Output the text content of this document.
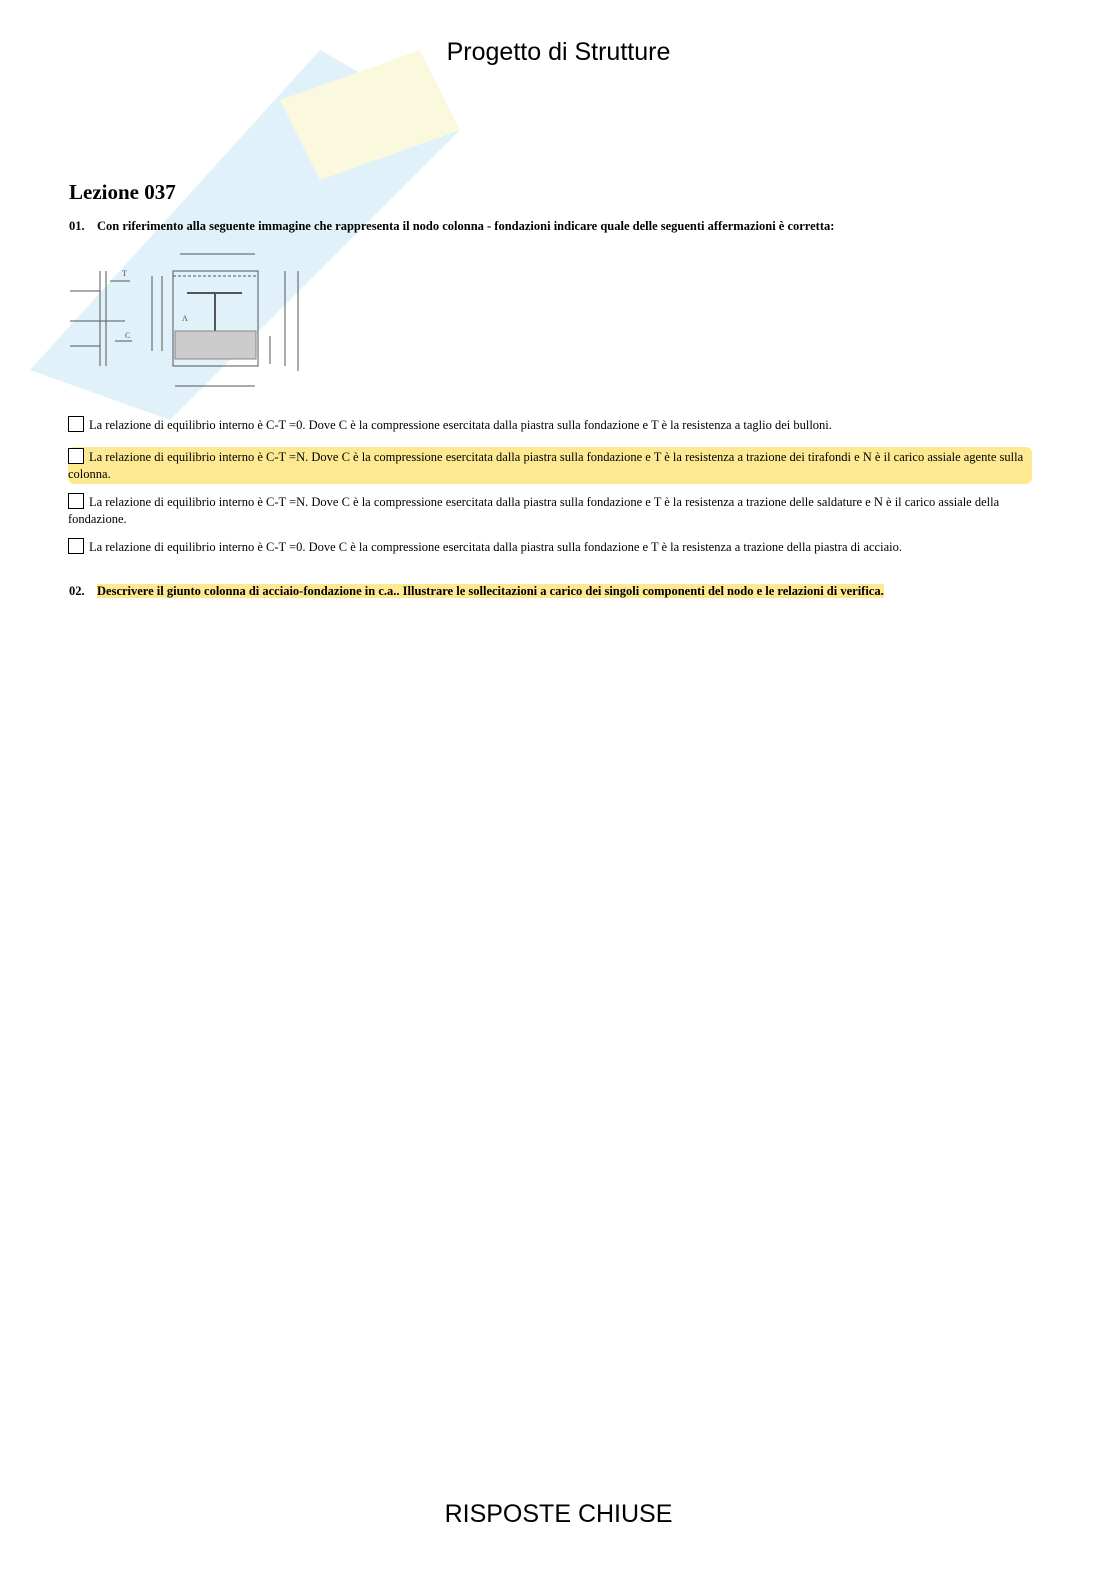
Progetto di Strutture
Lezione 037
01. Con riferimento alla seguente immagine che rappresenta il nodo colonna - fondazioni indicare quale delle seguenti affermazioni è corretta:
T
C
A
La relazione di equilibrio interno è C-T =0. Dove C è la compressione esercitata dalla piastra sulla fondazione e T è la resistenza a taglio dei bulloni.
La relazione di equilibrio interno è C-T =N. Dove C è la compressione esercitata dalla piastra sulla fondazione e T è la resistenza a trazione dei tirafondi e N è il carico assiale agente sulla colonna.
La relazione di equilibrio interno è C-T =N. Dove C è la compressione esercitata dalla piastra sulla fondazione e T è la resistenza a trazione delle saldature e N è il carico assiale della fondazione.
La relazione di equilibrio interno è C-T =0. Dove C è la compressione esercitata dalla piastra sulla fondazione e T è la resistenza a trazione della piastra di acciaio.
02. Descrivere il giunto colonna di acciaio-fondazione in c.a.. Illustrare le sollecitazioni a carico dei singoli componenti del nodo e le relazioni di verifica.
RISPOSTE CHIUSE
